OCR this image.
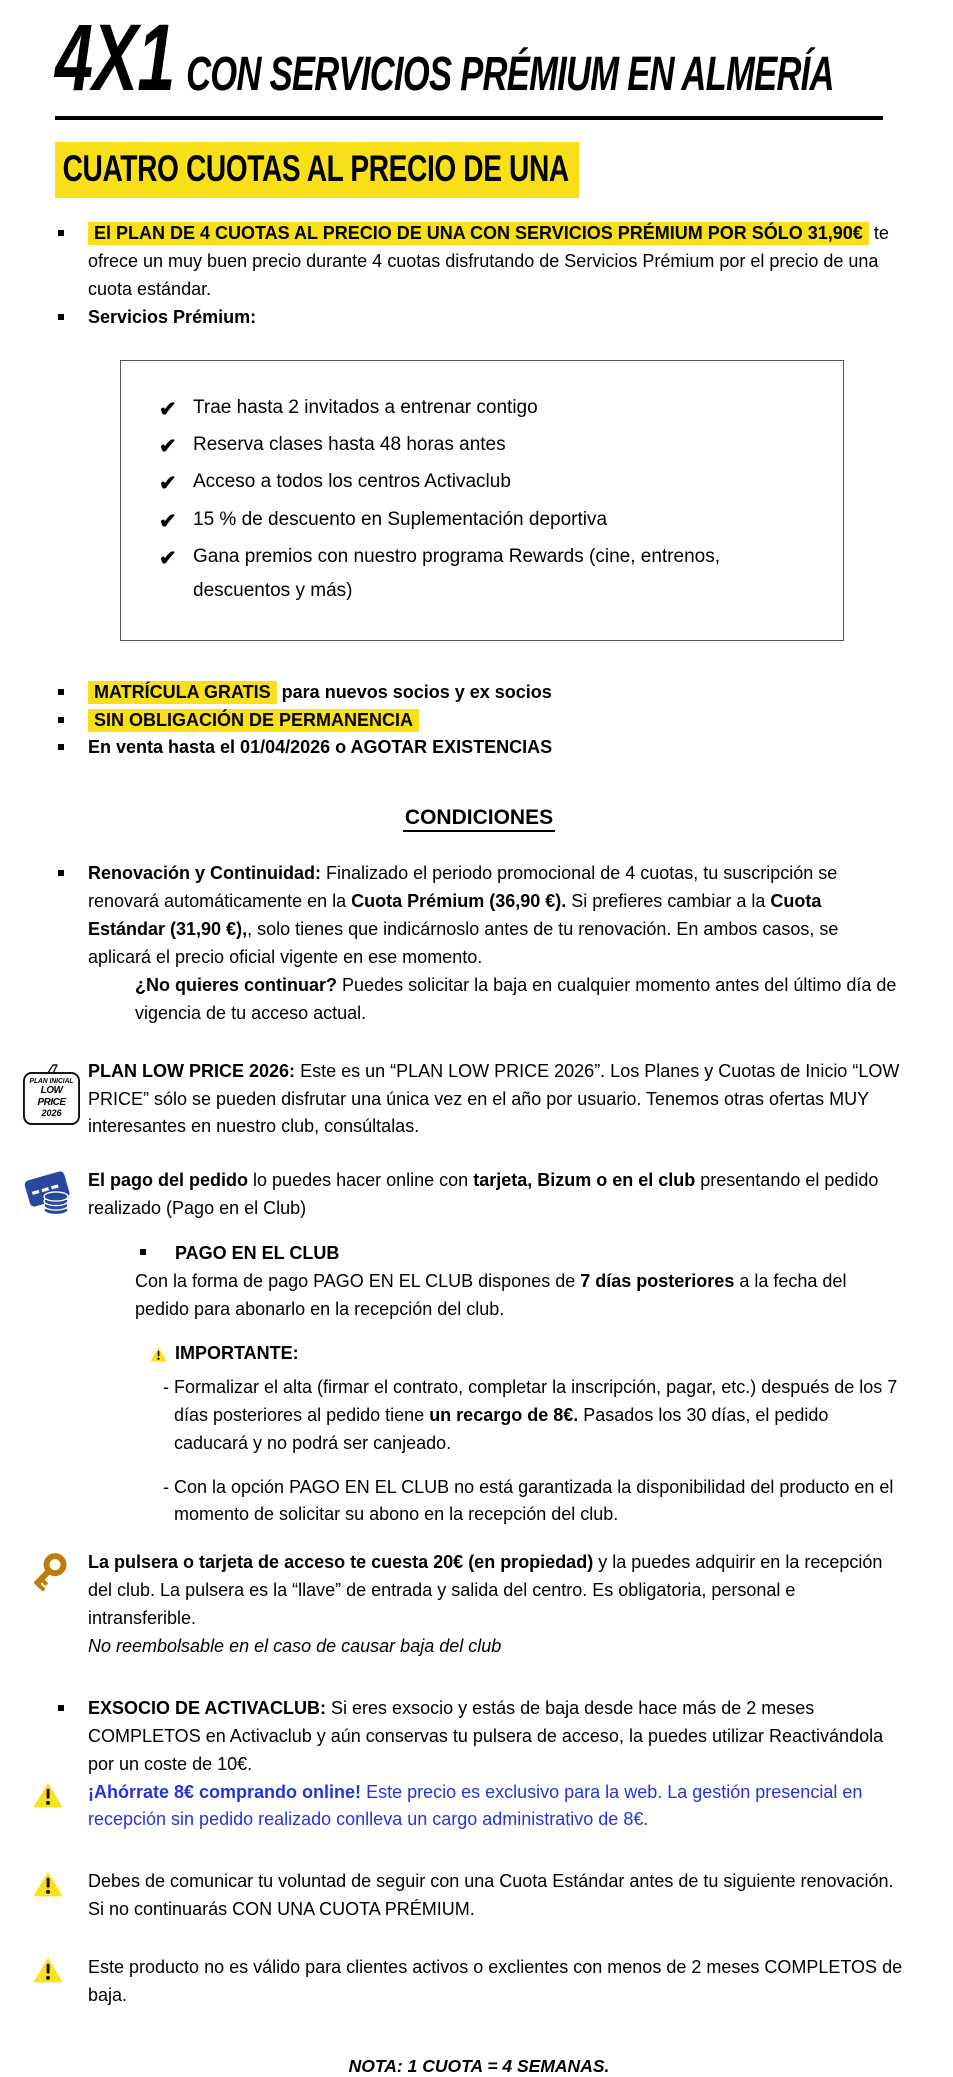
4X1 CON SERVICIOS PRÉMIUM EN ALMERÍA
CUATRO CUOTAS AL PRECIO DE UNA
El PLAN DE 4 CUOTAS AL PRECIO DE UNA CON SERVICIOS PRÉMIUM POR SÓLO 31,90€ te ofrece un muy buen precio durante 4 cuotas disfrutando de Servicios Prémium por el precio de una cuota estándar.
Servicios Prémium:
✔ Trae hasta 2 invitados a entrenar contigo
✔ Reserva clases hasta 48 horas antes
✔ Acceso a todos los centros Activaclub
✔ 15 % de descuento en Suplementación deportiva
✔ Gana premios con nuestro programa Rewards (cine, entrenos, descuentos y más)
MATRÍCULA GRATIS para nuevos socios y ex socios
SIN OBLIGACIÓN DE PERMANENCIA
En venta hasta el 01/04/2026 o AGOTAR EXISTENCIAS
CONDICIONES
Renovación y Continuidad: Finalizado el periodo promocional de 4 cuotas, tu suscripción se renovará automáticamente en la Cuota Prémium (36,90 €). Si prefieres cambiar a la Cuota Estándar (31,90 €),, solo tienes que indicárnoslo antes de tu renovación. En ambos casos, se aplicará el precio oficial vigente en ese momento.
¿No quieres continuar? Puedes solicitar la baja en cualquier momento antes del último día de vigencia de tu acceso actual.
PLAN INICIAL
LOW PRICE
2026
PLAN LOW PRICE 2026: Este es un “PLAN LOW PRICE 2026”. Los Planes y Cuotas de Inicio “LOW PRICE” sólo se pueden disfrutar una única vez en el año por usuario. Tenemos otras ofertas MUY interesantes en nuestro club, consúltalas.
El pago del pedido lo puedes hacer online con tarjeta, Bizum o en el club presentando el pedido realizado (Pago en el Club)
PAGO EN EL CLUB
Con la forma de pago PAGO EN EL CLUB dispones de 7 días posteriores a la fecha del pedido para abonarlo en la recepción del club.
IMPORTANTE:
- Formalizar el alta (firmar el contrato, completar la inscripción, pagar, etc.) después de los 7 días posteriores al pedido tiene un recargo de 8€. Pasados los 30 días, el pedido caducará y no podrá ser canjeado.
- Con la opción PAGO EN EL CLUB no está garantizada la disponibilidad del producto en el momento de solicitar su abono en la recepción del club.
La pulsera o tarjeta de acceso te cuesta 20€ (en propiedad) y la puedes adquirir en la recepción del club. La pulsera es la “llave” de entrada y salida del centro. Es obligatoria, personal e intransferible.
No reembolsable en el caso de causar baja del club
EXSOCIO DE ACTIVACLUB: Si eres exsocio y estás de baja desde hace más de 2 meses COMPLETOS en Activaclub y aún conservas tu pulsera de acceso, la puedes utilizar Reactivándola por un coste de 10€.
¡Ahórrate 8€ comprando online! Este precio es exclusivo para la web. La gestión presencial en recepción sin pedido realizado conlleva un cargo administrativo de 8€.
Debes de comunicar tu voluntad de seguir con una Cuota Estándar antes de tu siguiente renovación.
Si no continuarás CON UNA CUOTA PRÉMIUM.
Este producto no es válido para clientes activos o exclientes con menos de 2 meses COMPLETOS de baja.
NOTA: 1 CUOTA = 4 SEMANAS.
